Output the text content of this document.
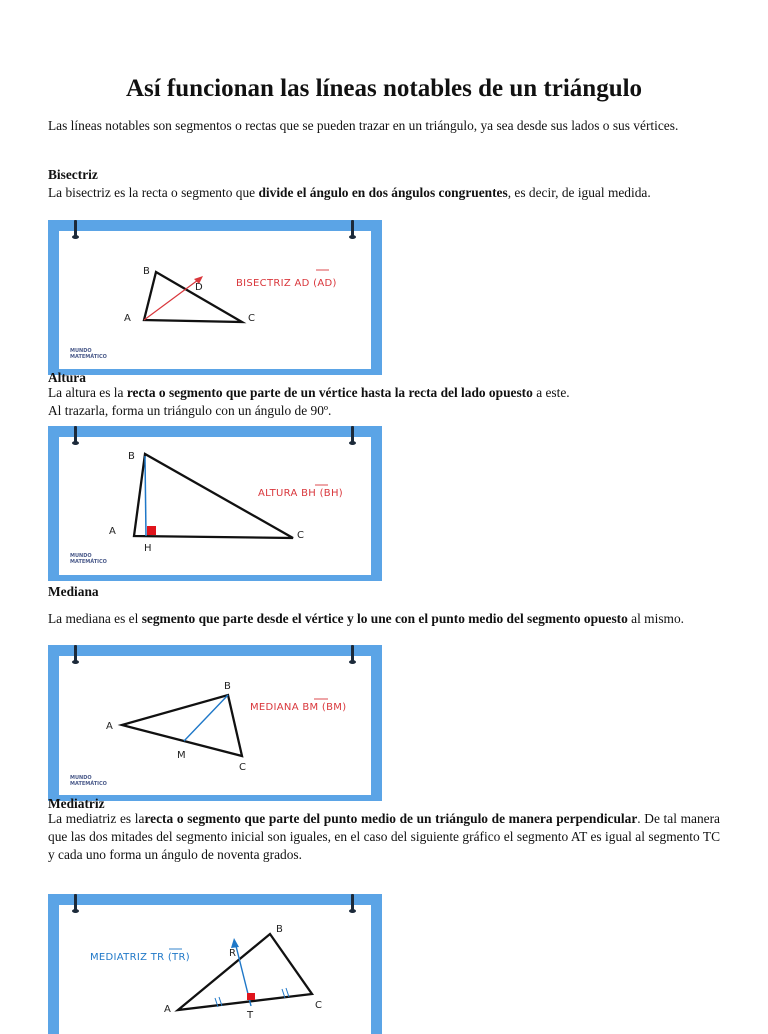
Así funcionan las líneas notables de un triángulo
Las líneas notables son segmentos o rectas que se pueden trazar en un triángulo, ya sea desde sus lados o sus vértices.
Bisectriz
La bisectriz es la recta o segmento que divide el ángulo en dos ángulos congruentes, es decir, de igual medida.
B
A	C
D	BISECTRIZ AD (AD)
MUNDO
MATEMÁTICO
Altura
La altura es la recta o segmento que parte de un vértice hasta la recta del lado opuesto a este.
Al trazarla, forma un triángulo con un ángulo de 90º.
B
A	C
H
ALTURA BH (BH)
MUNDO
MATEMÁTICO
Mediana
La mediana es el segmento que parte desde el vértice y lo une con el punto medio del segmento opuesto al mismo.
B
A
C
M
MEDIANA BM (BM)
MUNDO
MATEMÁTICO
Mediatriz
La mediatriz es larecta o segmento que parte del punto medio de un triángulo de manera perpendicular. De tal manera que las dos mitades del segmento inicial son iguales, en el caso del siguiente gráfico el segmento AT es igual al segmento TC y cada uno forma un ángulo de noventa grados.
B
A	C
R
T
MEDIATRIZ TR (TR)
